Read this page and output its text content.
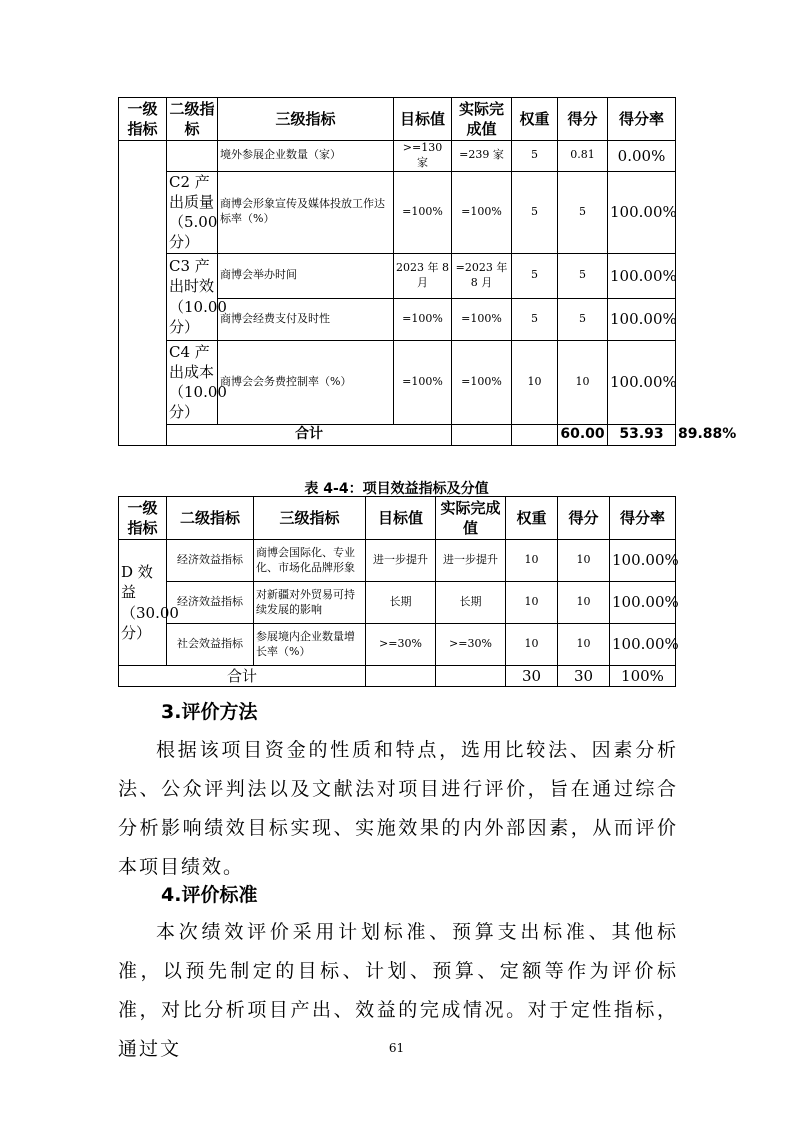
一级指标	二级指标	三级指标	目标值	实际完成值	权重	得分	得分率	
		境外参展企业数量（家）	>=130 家	=239 家	5	0.81	0.00%	
	C2 产出质量（5.00 分）	商博会形象宣传及媒体投放工作达标率（%）	=100%	=100%	5	5	100.00%	
	C3 产出时效（10.00 分）	商博会举办时间	2023 年 8 月	=2023 年 8 月	5	5	100.00%	
		商博会经费支付及时性	=100%	=100%	5	5	100.00%	
	C4 产出成本（10.00 分）	商博会会务费控制率（%）	=100%	=100%	10	10	100.00%	
	合计					60.00	53.93	89.88%
表 4-4：项目效益指标及分值
一级指标	二级指标	三级指标	目标值	实际完成值	权重	得分	得分率
D 效益（30.00 分）	经济效益指标	商博会国际化、专业化、市场化品牌形象	进一步提升	进一步提升	10	10	100.00%
	经济效益指标	对新疆对外贸易可持续发展的影响	长期	长期	10	10	100.00%
	社会效益指标	参展境内企业数量增长率（%）	>=30%	>=30%	10	10	100.00%
合计					30	30	100%
3.评价方法

根据该项目资金的性质和特点，选用比较法、因素分析法、公众评判法以及文献法对项目进行评价，旨在通过综合分析影响绩效目标实现、实施效果的内外部因素，从而评价本项目绩效。

4.评价标准

本次绩效评价采用计划标准、预算支出标准、其他标准，以预先制定的目标、计划、预算、定额等作为评价标准，对比分析项目产出、效益的完成情况。对于定性指标，通过文	61
